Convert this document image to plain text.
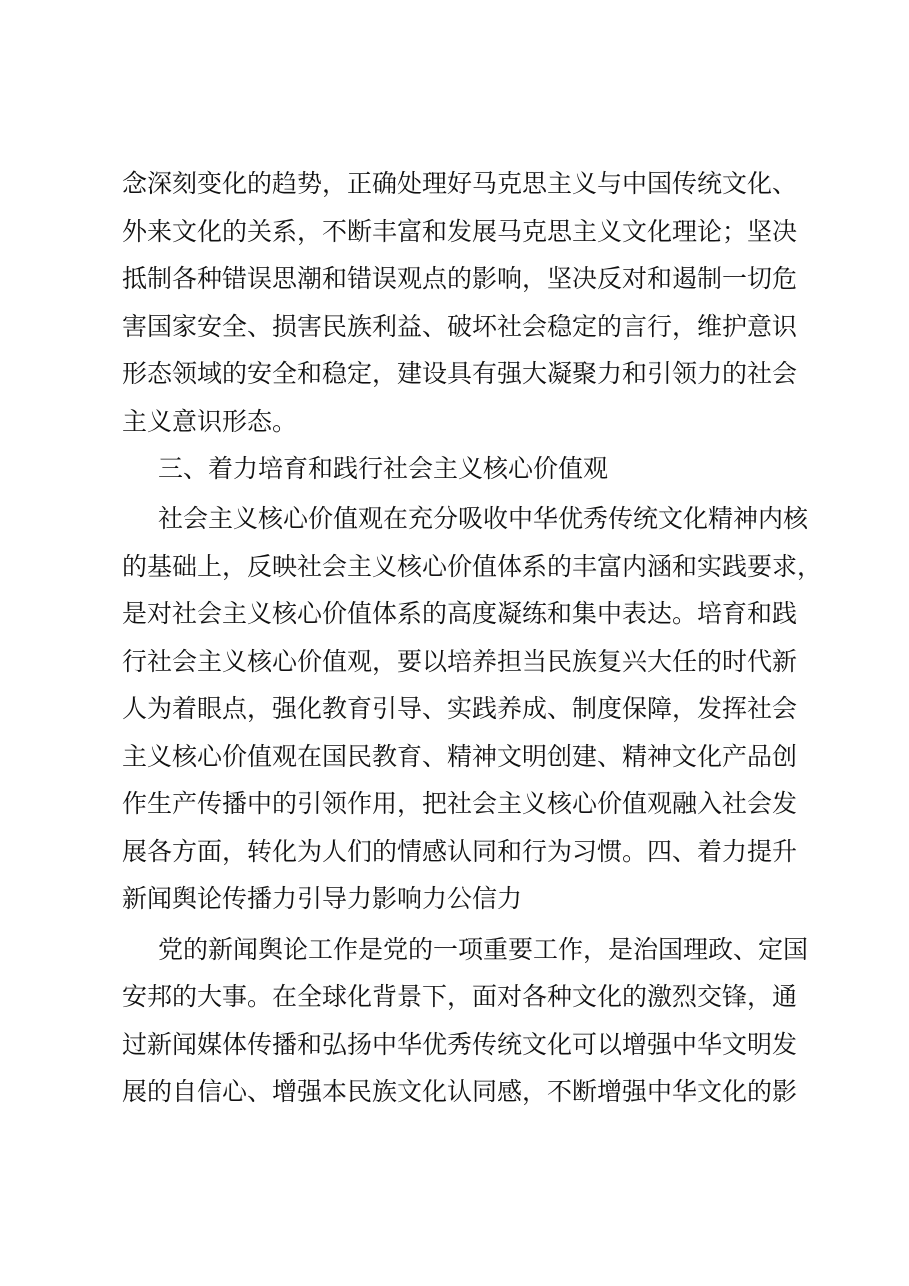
念深刻变化的趋势，正确处理好马克思主义与中国传统文化、
外来文化的关系，不断丰富和发展马克思主义文化理论；坚决
抵制各种错误思潮和错误观点的影响，坚决反对和遏制一切危
害国家安全、损害民族利益、破坏社会稳定的言行，维护意识
形态领域的安全和稳定，建设具有强大凝聚力和引领力的社会
主义意识形态。
三、着力培育和践行社会主义核心价值观
社会主义核心价值观在充分吸收中华优秀传统文化精神内核
的基础上，反映社会主义核心价值体系的丰富内涵和实践要求，
是对社会主义核心价值体系的高度凝练和集中表达。培育和践
行社会主义核心价值观，要以培养担当民族复兴大任的时代新
人为着眼点，强化教育引导、实践养成、制度保障，发挥社会
主义核心价值观在国民教育、精神文明创建、精神文化产品创
作生产传播中的引领作用，把社会主义核心价值观融入社会发
展各方面，转化为人们的情感认同和行为习惯。四、着力提升
新闻舆论传播力引导力影响力公信力
党的新闻舆论工作是党的一项重要工作，是治国理政、定国
安邦的大事。在全球化背景下，面对各种文化的激烈交锋，通
过新闻媒体传播和弘扬中华优秀传统文化可以增强中华文明发
展的自信心、增强本民族文化认同感，不断增强中华文化的影
